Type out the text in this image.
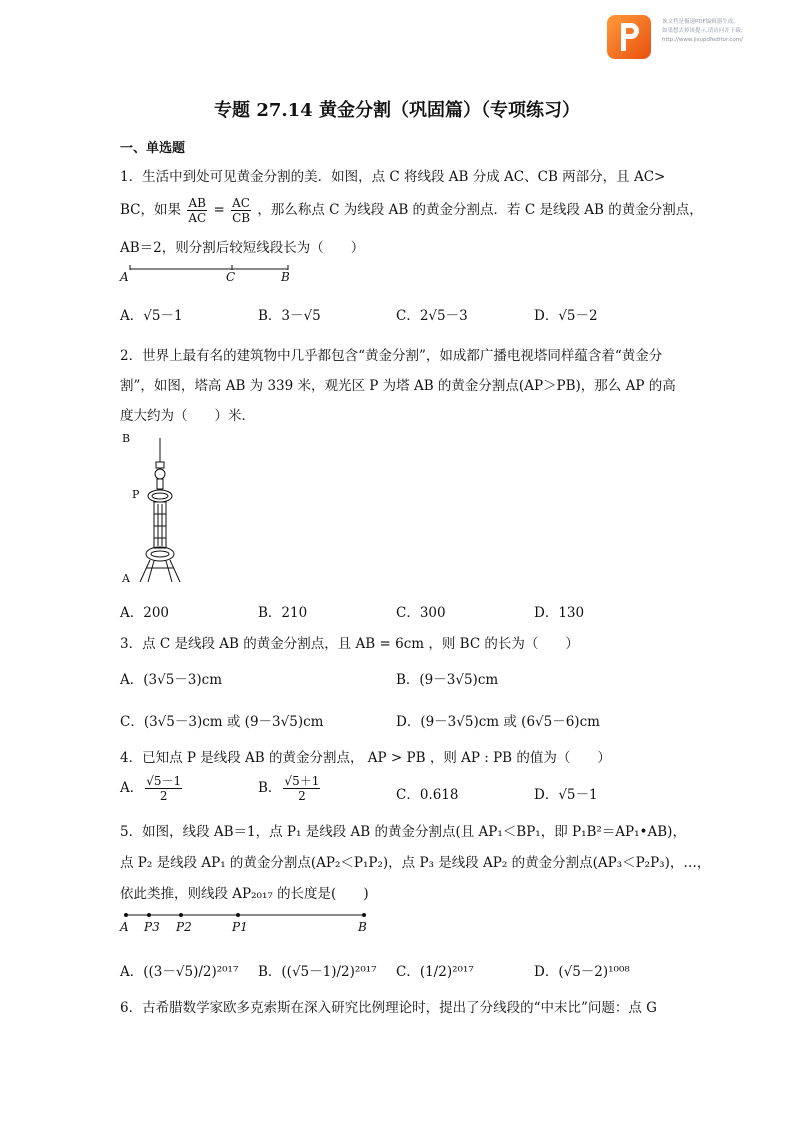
该文档是极速PDF编辑器生成,
如果想去掉该提示,请访问并下载:
http://www.jisupdfeditor.com/
专题 27.14 黄金分割（巩固篇）（专项练习）
一、单选题
1．生活中到处可见黄金分割的美．如图，点 C 将线段 AB 分成 AC、CB 两部分，且 AC>
BC，如果 $\frac{AB}{AC} = \frac{AC}{CB}$ ，那么称点 C 为线段 AB 的黄金分割点．若 C 是线段 AB 的黄金分割点，
AB＝2，则分割后较短线段长为（　　）
A	C	B
A．√5－1	B．3－√5	C．2√5－3	D．√5－2
2．世界上最有名的建筑物中几乎都包含“黄金分割”，如成都广播电视塔同样蕴含着“黄金分
割”，如图，塔高 AB 为 339 米，观光区 P 为塔 AB 的黄金分割点(AP＞PB)，那么 AP 的高
度大约为（　　）米．
B
P
A
A．200	B．210	C．300	D．130
3．点 C 是线段 AB 的黄金分割点，且 AB = 6cm ，则 BC 的长为（　　）
A．(3√5－3)cm	B．(9－3√5)cm
C．(3√5－3)cm 或 (9－3√5)cm	D．(9－3√5)cm 或 (6√5－6)cm
4．已知点 P 是线段 AB 的黄金分割点， AP > PB ，则 AP : PB 的值为（　　）
A． $\frac{√5-1}{2}$	B． $\frac{√5+1}{2}$	C．0.618	D．√5－1
5．如图，线段 AB＝1，点 P₁ 是线段 AB 的黄金分割点(且 AP₁＜BP₁，即 P₁B²＝AP₁•AB)，
点 P₂ 是线段 AP₁ 的黄金分割点(AP₂＜P₁P₂)，点 P₃ 是线段 AP₂ 的黄金分割点(AP₃＜P₂P₃)，…，
依此类推，则线段 AP₂₀₁₇ 的长度是(　　)
A P3 P2	P1	B
A．((3－√5)/2)²⁰¹⁷ B．((√5－1)/2)²⁰¹⁷ C．(1/2)²⁰¹⁷	D．(√5－2)¹⁰⁰⁸
6．古希腊数学家欧多克索斯在深入研究比例理论时，提出了分线段的“中末比”问题：点 G
